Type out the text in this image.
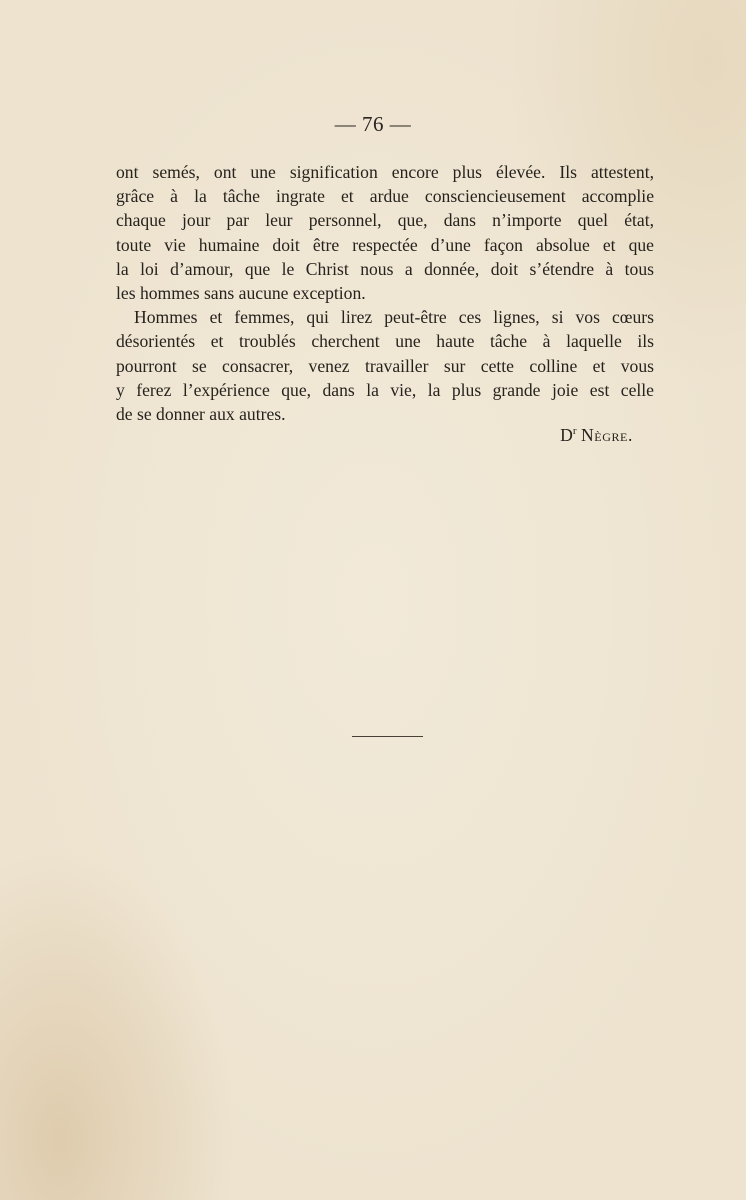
— 76 —
ont semés, ont une signification encore plus élevée. Ils attestent,
grâce à la tâche ingrate et ardue consciencieusement accomplie
chaque jour par leur personnel, que, dans n’importe quel état,
toute vie humaine doit être respectée d’une façon absolue et que
la loi d’amour, que le Christ nous a donnée, doit s’étendre à tous
les hommes sans aucune exception.
Hommes et femmes, qui lirez peut-être ces lignes, si vos cœurs
désorientés et troublés cherchent une haute tâche à laquelle ils
pourront se consacrer, venez travailler sur cette colline et vous
y ferez l’expérience que, dans la vie, la plus grande joie est celle
de se donner aux autres.
$D^r$ Nègre.
